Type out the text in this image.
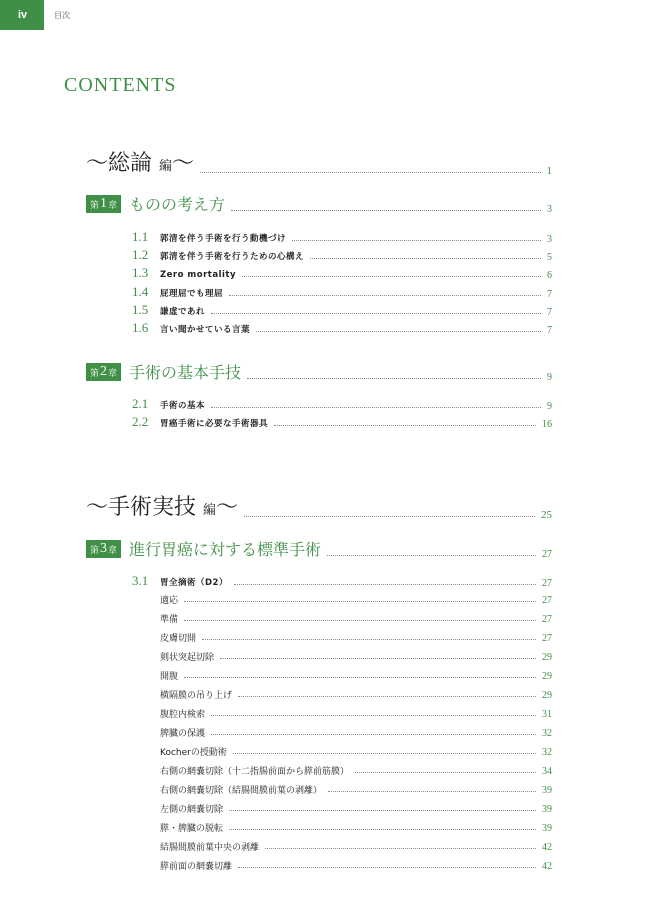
iv	目次
CONTENTS
〜総論 編〜	1
第 1 章 ものの考え方	3
1.1	郭清を伴う手術を行う動機づけ	3
1.2	郭清を伴う手術を行うための心構え	5
1.3	Zero mortality	6
1.4	屁理屈でも理屈	7
1.5	謙虚であれ	7
1.6	言い聞かせている言葉	7
第 2 章 手術の基本手技	9
2.1	手術の基本	9
2.2	胃癌手術に必要な手術器具	16
〜手術実技 編〜	25
第 3 章 進行胃癌に対する標準手術	27
3.1	胃全摘術（D2）	27
適応	27
準備	27
皮膚切開	27
剣状突起切除	29
開腹	29
横隔膜の吊り上げ	29
腹腔内検索	31
脾臓の保護	32
Kocherの授動術	32
右側の網嚢切除（十二指腸前面から膵前筋膜）	34
右側の網嚢切除（結腸間膜前葉の剥離）	39
左側の網嚢切除	39
膵・脾臓の脱転	39
結腸間膜前葉中央の剥離	42
膵前面の網嚢切離	42
